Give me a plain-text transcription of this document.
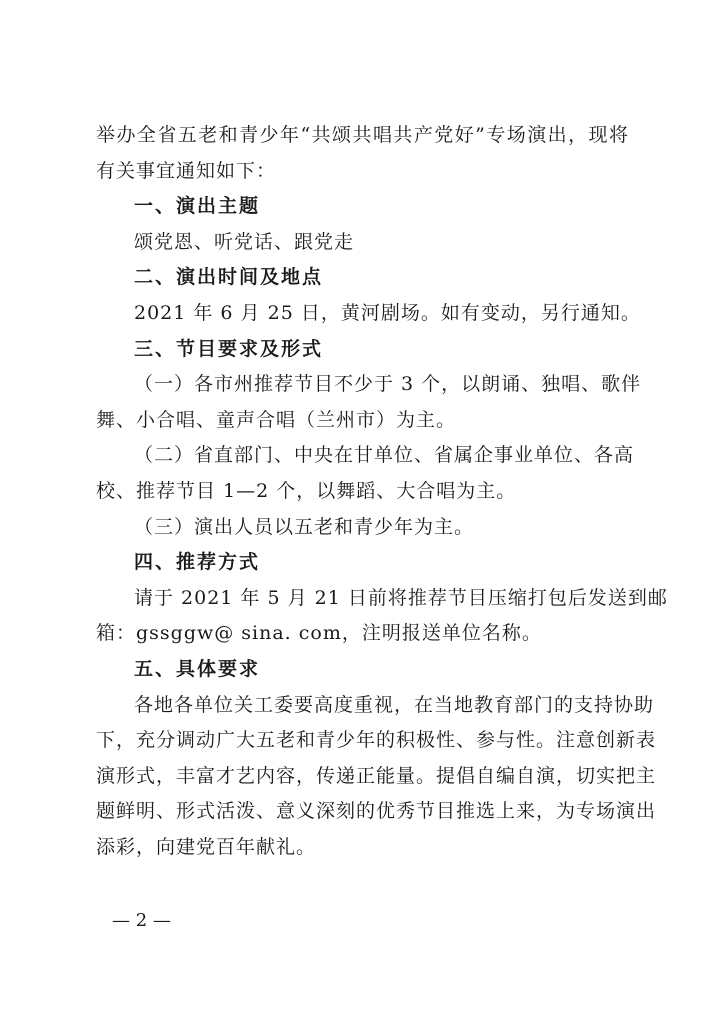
举办全省五老和青少年“共颂共唱共产党好”专场演出，现将
有关事宜通知如下：
一、演出主题
颂党恩、听党话、跟党走
二、演出时间及地点
2021 年 6 月 25 日，黄河剧场。如有变动，另行通知。
三、节目要求及形式
（一）各市州推荐节目不少于 3 个，以朗诵、独唱、歌伴
舞、小合唱、童声合唱（兰州市）为主。
（二）省直部门、中央在甘单位、省属企事业单位、各高
校、推荐节目 1—2 个，以舞蹈、大合唱为主。
（三）演出人员以五老和青少年为主。
四、推荐方式
请于 2021 年 5 月 21 日前将推荐节目压缩打包后发送到邮
箱：gssggw@ sina. com，注明报送单位名称。
五、具体要求
各地各单位关工委要高度重视，在当地教育部门的支持协助
下，充分调动广大五老和青少年的积极性、参与性。注意创新表
演形式，丰富才艺内容，传递正能量。提倡自编自演，切实把主
题鲜明、形式活泼、意义深刻的优秀节目推选上来，为专场演出
添彩，向建党百年献礼。
— 2 —
